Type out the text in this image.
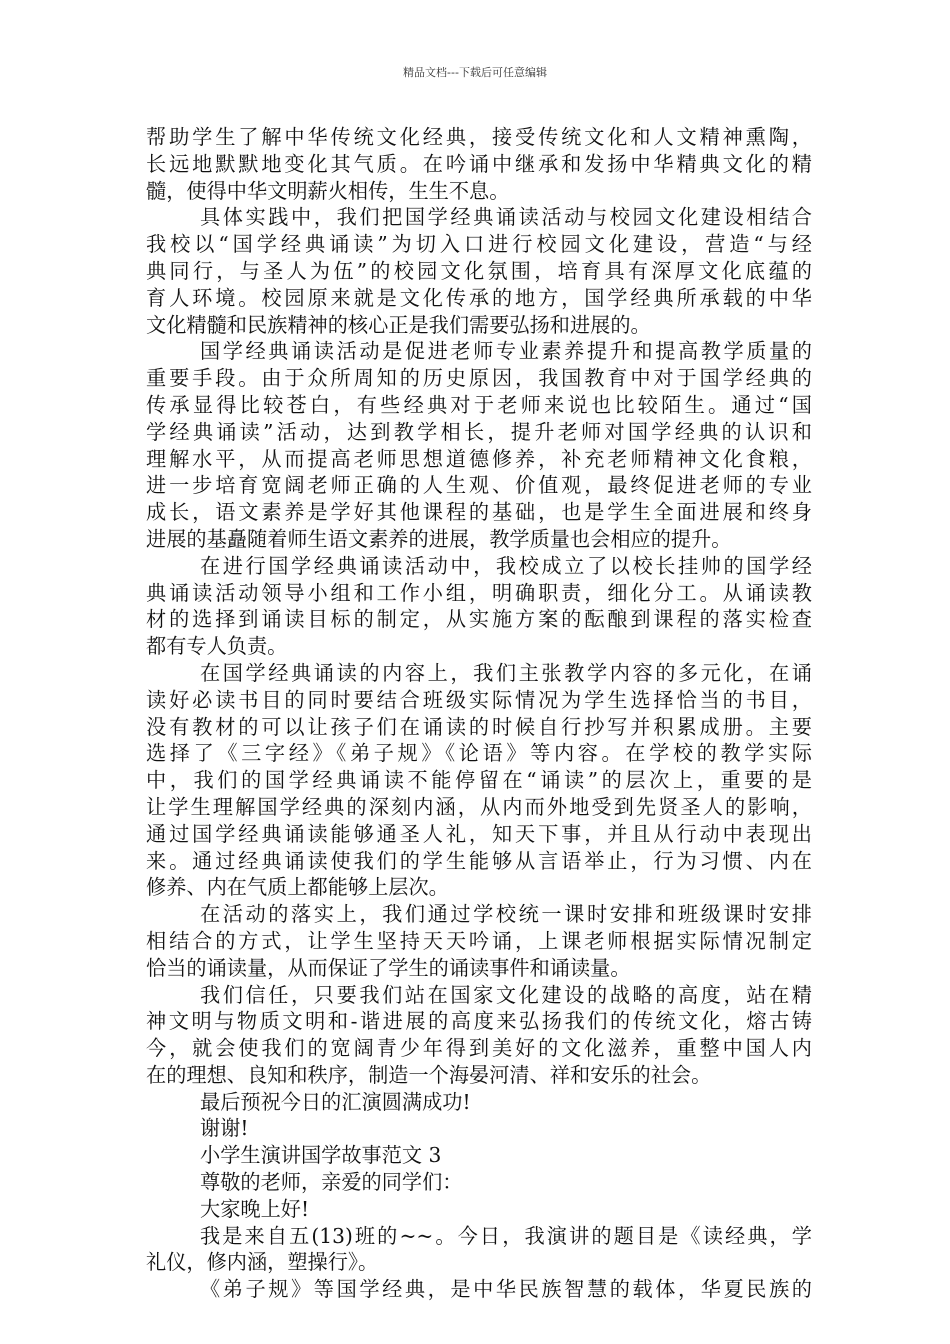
精品文档---下载后可任意编辑
帮助学生了解中华传统文化经典，接受传统文化和人文精神熏陶，
长远地默默地变化其气质。在吟诵中继承和发扬中华精典文化的精
髓，使得中华文明薪火相传，生生不息。
具体实践中，我们把国学经典诵读活动与校园文化建设相结合
我校以“国学经典诵读”为切入口进行校园文化建设，营造“与经
典同行，与圣人为伍”的校园文化氛围，培育具有深厚文化底蕴的
育人环境。校园原来就是文化传承的地方，国学经典所承载的中华
文化精髓和民族精神的核心正是我们需要弘扬和进展的。
国学经典诵读活动是促进老师专业素养提升和提高教学质量的
重要手段。由于众所周知的历史原因，我国教育中对于国学经典的
传承显得比较苍白，有些经典对于老师来说也比较陌生。通过“国
学经典诵读”活动，达到教学相长，提升老师对国学经典的认识和
理解水平，从而提高老师思想道德修养，补充老师精神文化食粮，
进一步培育宽阔老师正确的人生观、价值观，最终促进老师的专业
成长，语文素养是学好其他课程的基础，也是学生全面进展和终身
进展的基矗随着师生语文素养的进展，教学质量也会相应的提升。
在进行国学经典诵读活动中，我校成立了以校长挂帅的国学经
典诵读活动领导小组和工作小组，明确职责，细化分工。从诵读教
材的选择到诵读目标的制定，从实施方案的酝酿到课程的落实检查
都有专人负责。
在国学经典诵读的内容上，我们主张教学内容的多元化，在诵
读好必读书目的同时要结合班级实际情况为学生选择恰当的书目，
没有教材的可以让孩子们在诵读的时候自行抄写并积累成册。主要
选择了《三字经》《弟子规》《论语》等内容。在学校的教学实际
中，我们的国学经典诵读不能停留在“诵读”的层次上，重要的是
让学生理解国学经典的深刻内涵，从内而外地受到先贤圣人的影响，
通过国学经典诵读能够通圣人礼，知天下事，并且从行动中表现出
来。通过经典诵读使我们的学生能够从言语举止，行为习惯、内在
修养、内在气质上都能够上层次。
在活动的落实上，我们通过学校统一课时安排和班级课时安排
相结合的方式，让学生坚持天天吟诵，上课老师根据实际情况制定
恰当的诵读量，从而保证了学生的诵读事件和诵读量。
我们信任，只要我们站在国家文化建设的战略的高度，站在精
神文明与物质文明和-谐进展的高度来弘扬我们的传统文化，熔古铸
今，就会使我们的宽阔青少年得到美好的文化滋养，重整中国人内
在的理想、良知和秩序，制造一个海晏河清、祥和安乐的社会。
最后预祝今日的汇演圆满成功!
谢谢!
小学生演讲国学故事范文 3
尊敬的老师，亲爱的同学们：
大家晚上好!
我是来自五(13)班的~~。今日，我演讲的题目是《读经典，学
礼仪，修内涵，塑操行》。
《弟子规》等国学经典，是中华民族智慧的载体，华夏民族的
